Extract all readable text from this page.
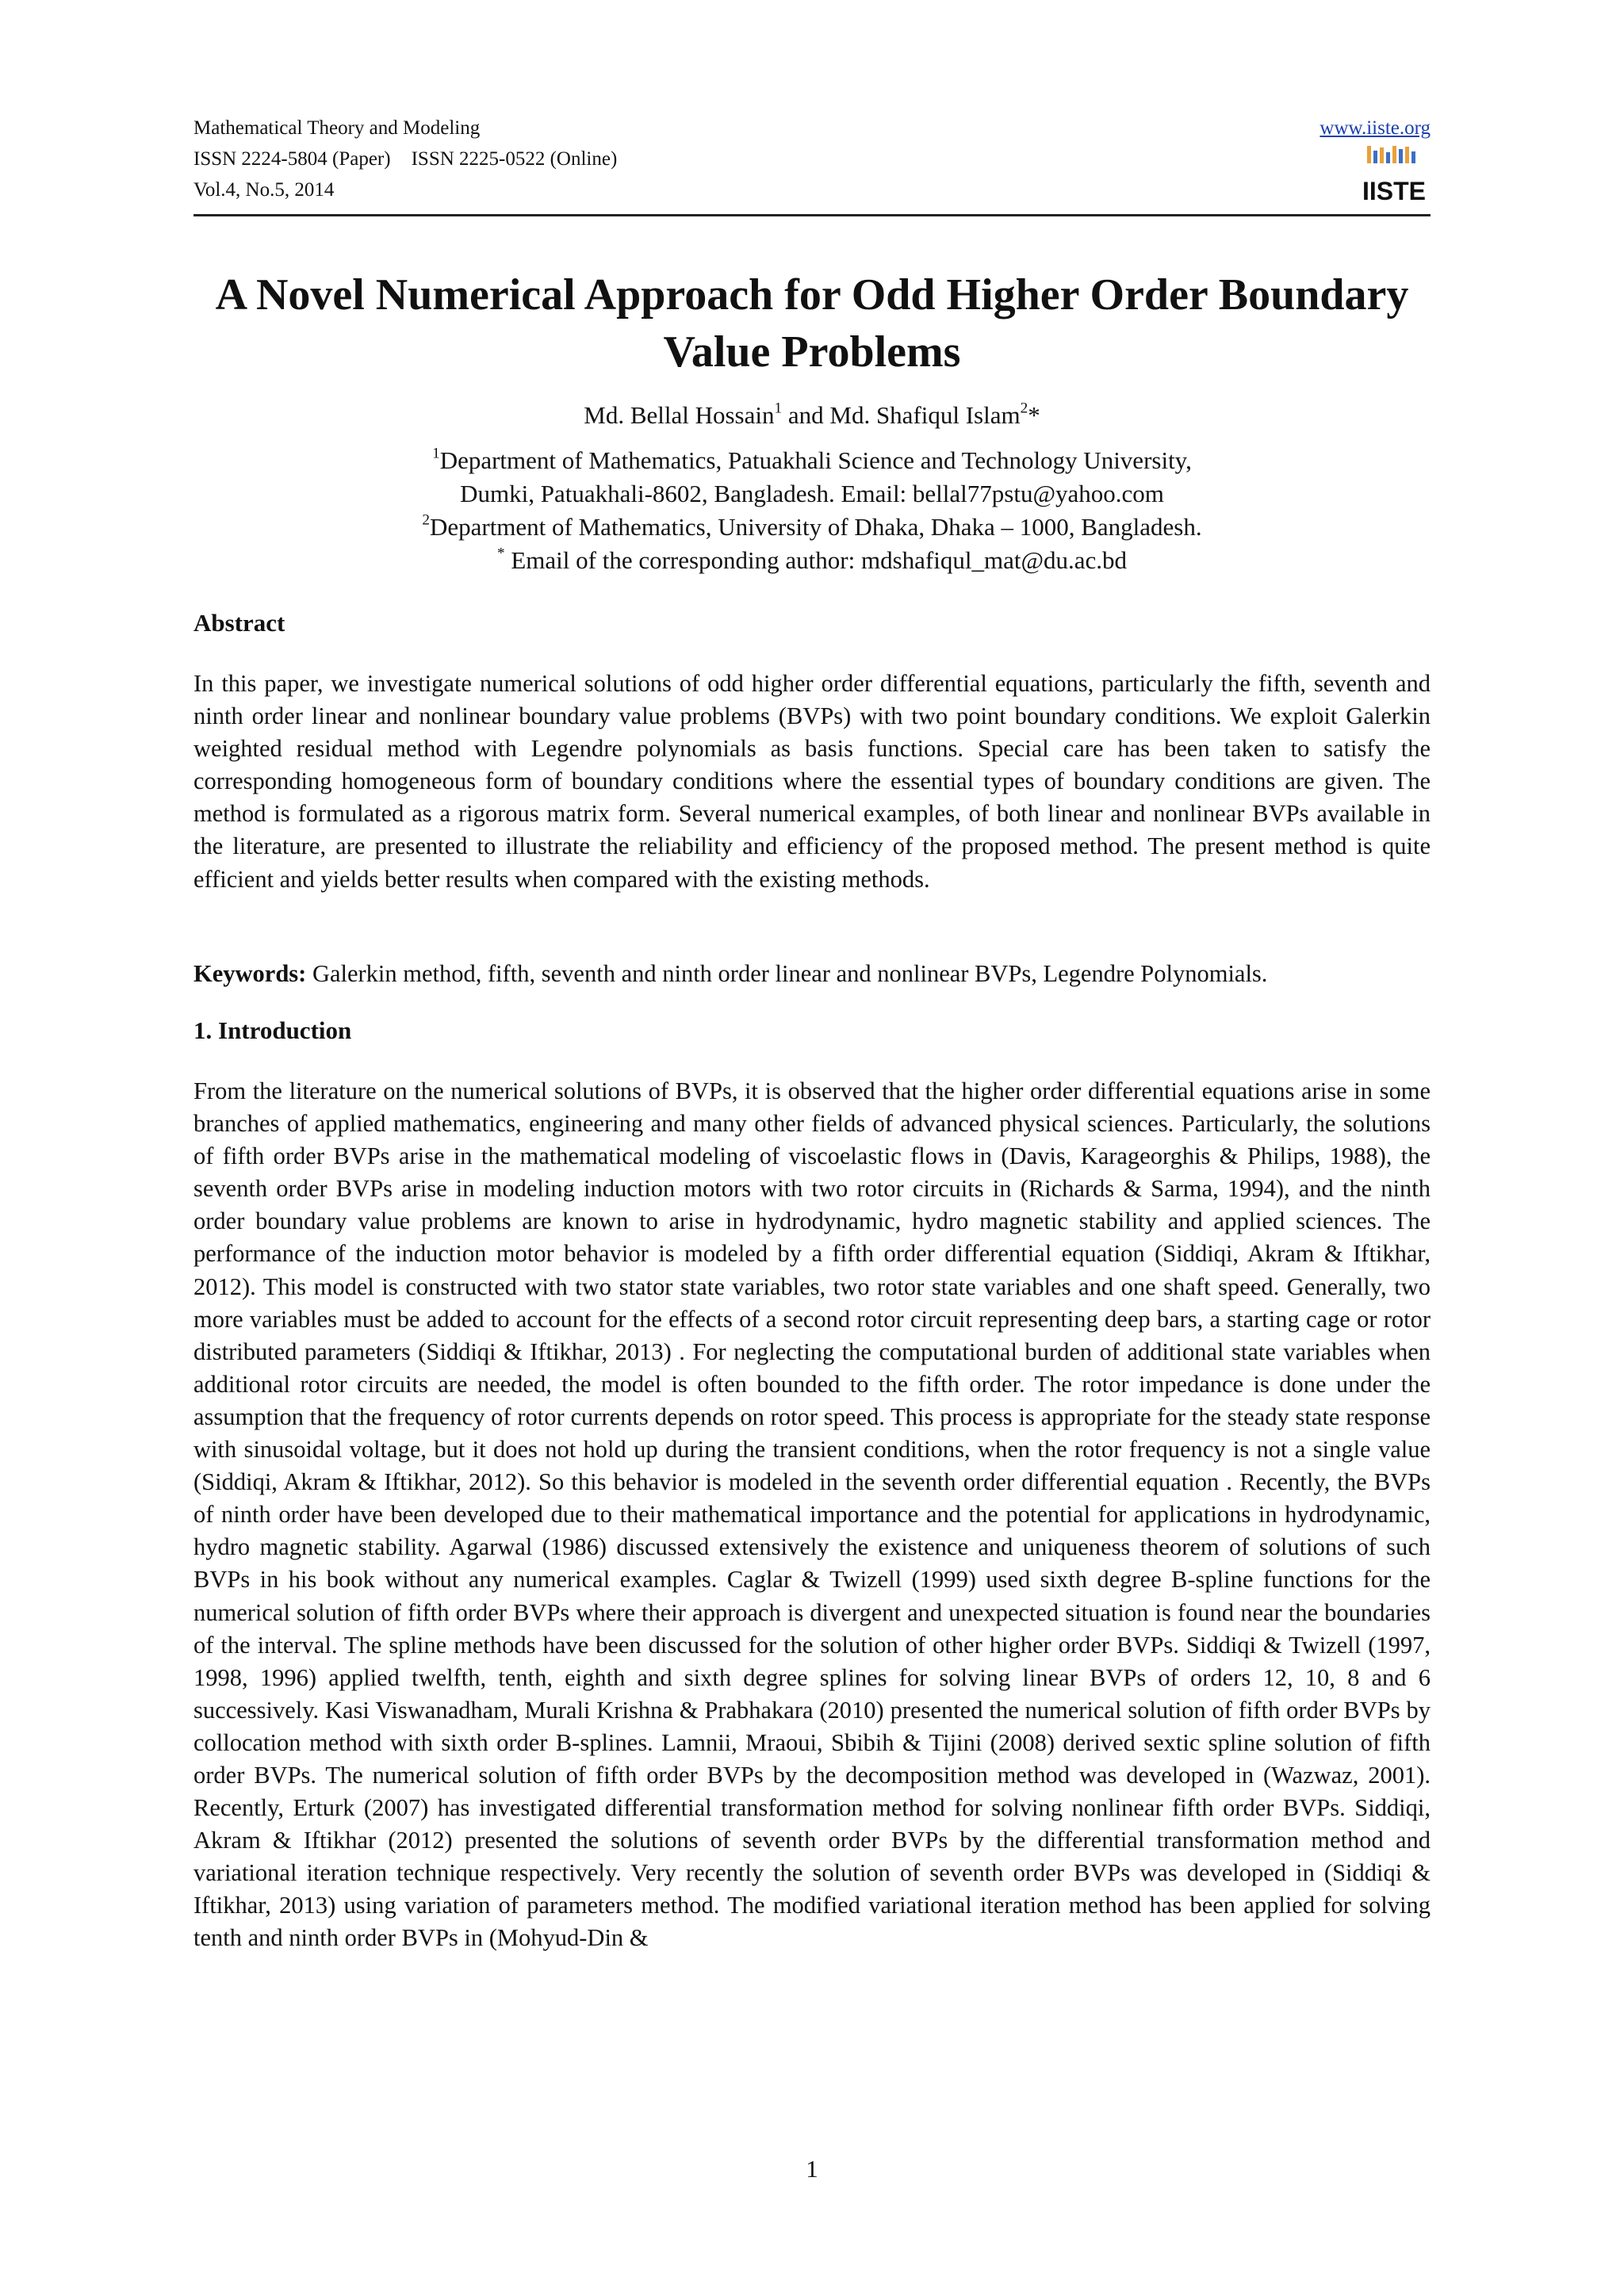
Mathematical Theory and Modeling
ISSN 2224-5804 (Paper) ISSN 2225-0522 (Online)
Vol.4, No.5, 2014
www.iiste.org
IISTE
A Novel Numerical Approach for Odd Higher Order Boundary
Value Problems
Md. Bellal Hossain$^1$ and Md. Shafiqul Islam$^2$*
$^1$Department of Mathematics, Patuakhali Science and Technology University,
Dumki, Patuakhali-8602, Bangladesh. Email: bellal77pstu@yahoo.com
$^2$Department of Mathematics, University of Dhaka, Dhaka – 1000, Bangladesh.
* Email of the corresponding author: mdshafiqul_mat@du.ac.bd
Abstract
In this paper, we investigate numerical solutions of odd higher order differential equations, particularly the fifth, seventh and ninth order linear and nonlinear boundary value problems (BVPs) with two point boundary conditions. We exploit Galerkin weighted residual method with Legendre polynomials as basis functions. Special care has been taken to satisfy the corresponding homogeneous form of boundary conditions where the essential types of boundary conditions are given. The method is formulated as a rigorous matrix form. Several numerical examples, of both linear and nonlinear BVPs available in the literature, are presented to illustrate the reliability and efficiency of the proposed method. The present method is quite efficient and yields better results when compared with the existing methods.
Keywords: Galerkin method, fifth, seventh and ninth order linear and nonlinear BVPs, Legendre Polynomials.
1. Introduction
From the literature on the numerical solutions of BVPs, it is observed that the higher order differential equations arise in some branches of applied mathematics, engineering and many other fields of advanced physical sciences. Particularly, the solutions of fifth order BVPs arise in the mathematical modeling of viscoelastic flows in (Davis, Karageorghis & Philips, 1988), the seventh order BVPs arise in modeling induction motors with two rotor circuits in (Richards & Sarma, 1994), and the ninth order boundary value problems are known to arise in hydrodynamic, hydro magnetic stability and applied sciences. The performance of the induction motor behavior is modeled by a fifth order differential equation (Siddiqi, Akram & Iftikhar, 2012). This model is constructed with two stator state variables, two rotor state variables and one shaft speed. Generally, two more variables must be added to account for the effects of a second rotor circuit representing deep bars, a starting cage or rotor distributed parameters (Siddiqi & Iftikhar, 2013) . For neglecting the computational burden of additional state variables when additional rotor circuits are needed, the model is often bounded to the fifth order. The rotor impedance is done under the assumption that the frequency of rotor currents depends on rotor speed. This process is appropriate for the steady state response with sinusoidal voltage, but it does not hold up during the transient conditions, when the rotor frequency is not a single value (Siddiqi, Akram & Iftikhar, 2012). So this behavior is modeled in the seventh order differential equation . Recently, the BVPs of ninth order have been developed due to their mathematical importance and the potential for applications in hydrodynamic, hydro magnetic stability. Agarwal (1986) discussed extensively the existence and uniqueness theorem of solutions of such BVPs in his book without any numerical examples. Caglar & Twizell (1999) used sixth degree B-spline functions for the numerical solution of fifth order BVPs where their approach is divergent and unexpected situation is found near the boundaries of the interval. The spline methods have been discussed for the solution of other higher order BVPs. Siddiqi & Twizell (1997, 1998, 1996) applied twelfth, tenth, eighth and sixth degree splines for solving linear BVPs of orders 12, 10, 8 and 6 successively. Kasi Viswanadham, Murali Krishna & Prabhakara (2010) presented the numerical solution of fifth order BVPs by collocation method with sixth order B-splines. Lamnii, Mraoui, Sbibih & Tijini (2008) derived sextic spline solution of fifth order BVPs. The numerical solution of fifth order BVPs by the decomposition method was developed in (Wazwaz, 2001). Recently, Erturk (2007) has investigated differential transformation method for solving nonlinear fifth order BVPs. Siddiqi, Akram & Iftikhar (2012) presented the solutions of seventh order BVPs by the differential transformation method and variational iteration technique respectively. Very recently the solution of seventh order BVPs was developed in (Siddiqi & Iftikhar, 2013) using variation of parameters method. The modified variational iteration method has been applied for solving tenth and ninth order BVPs in (Mohyud-Din &
1
